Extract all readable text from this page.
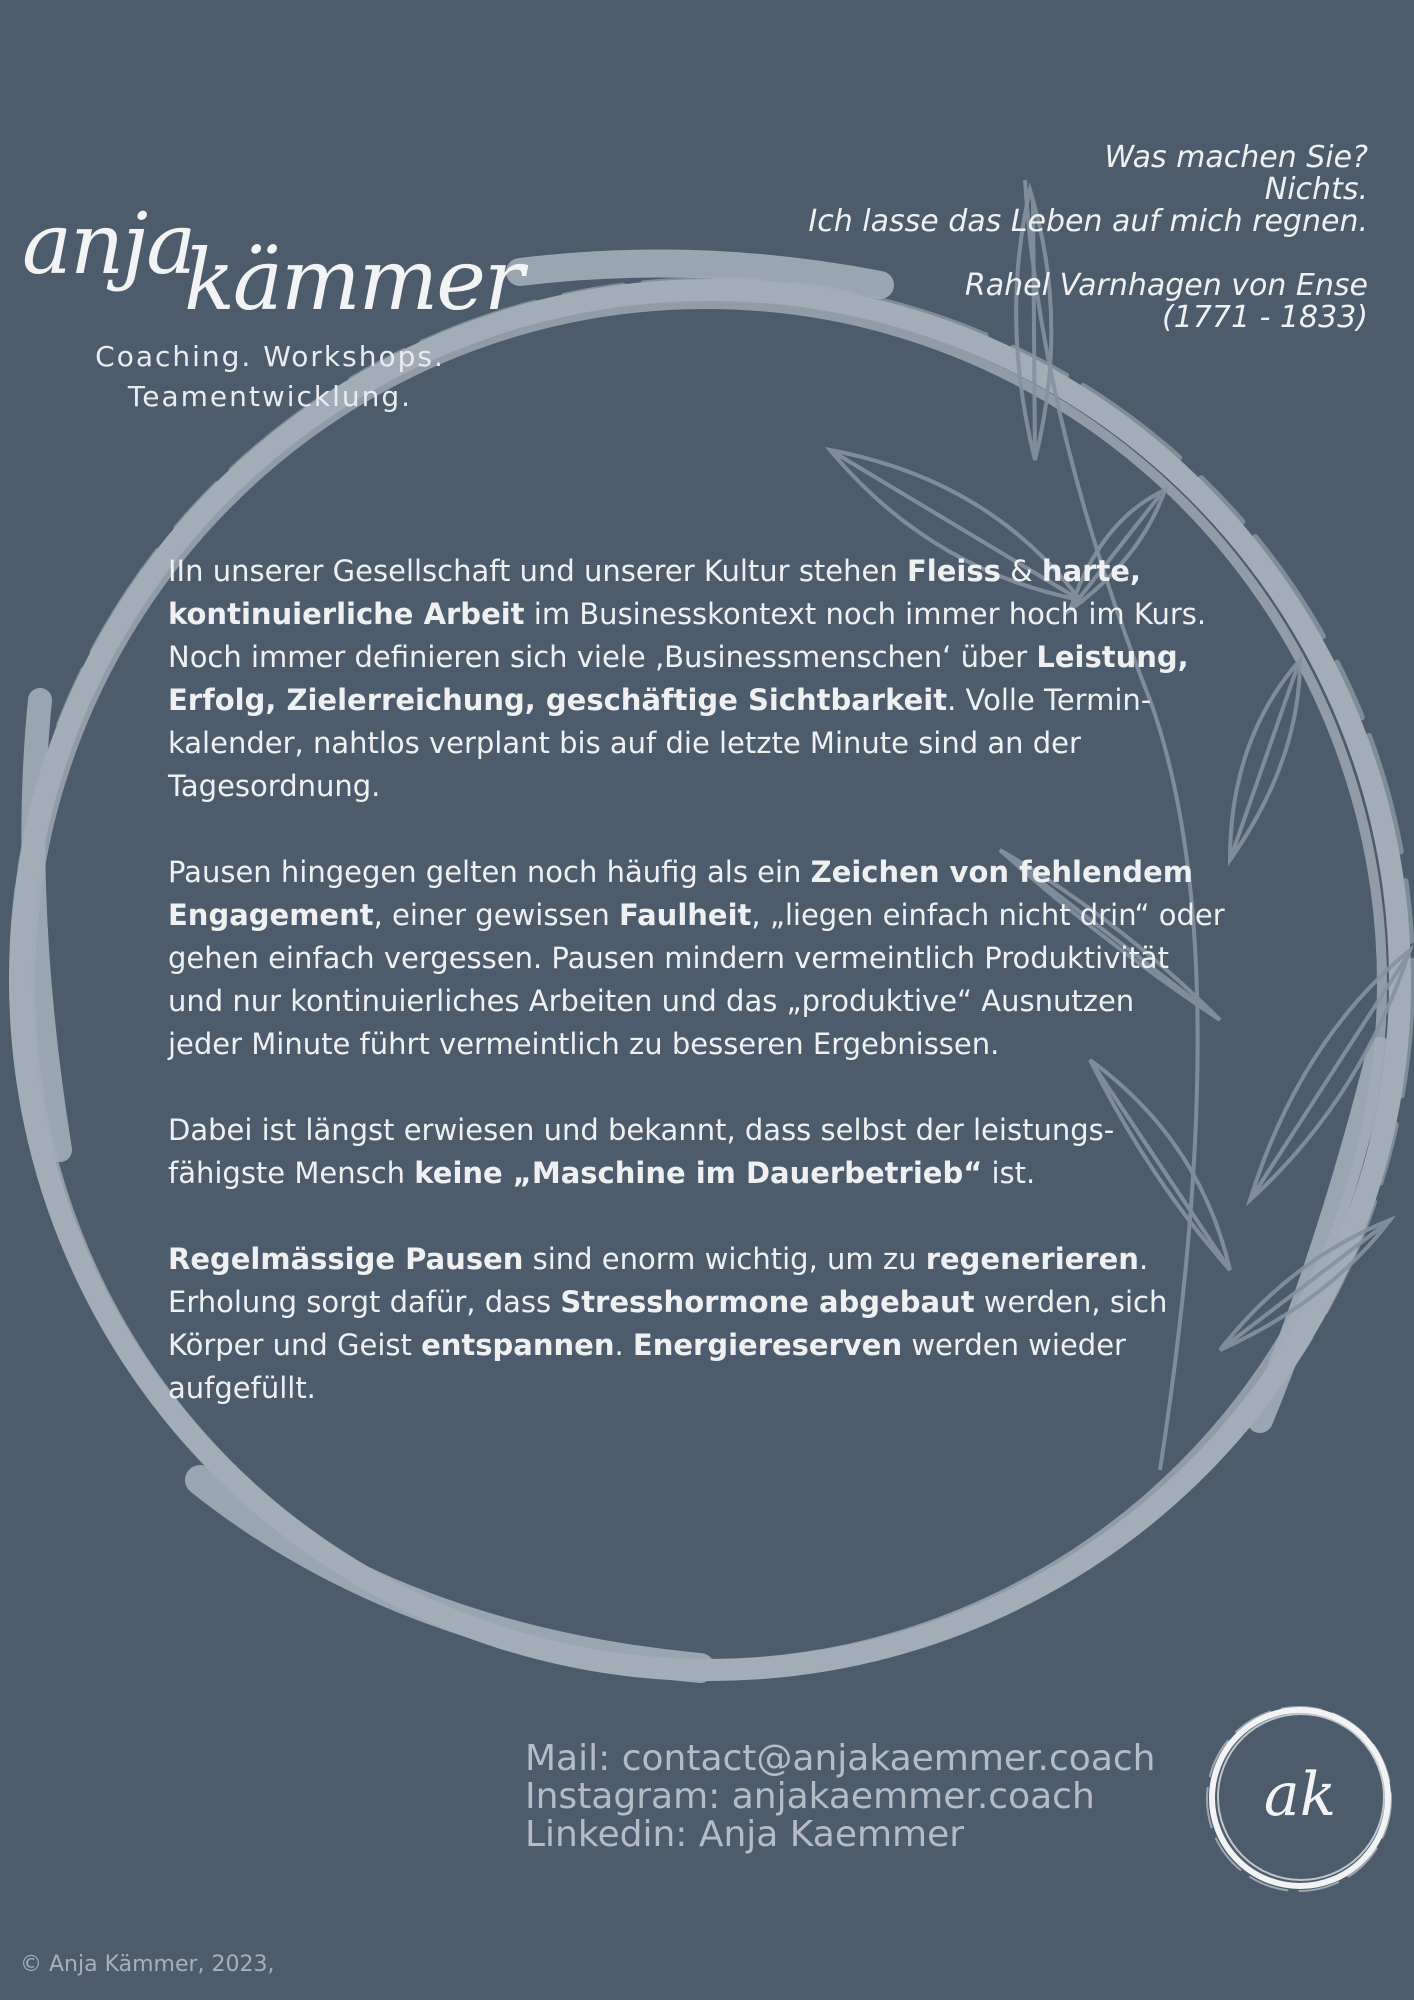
anja
kämmer
Coaching. Workshops.
Teamentwicklung.
Was machen Sie?
Nichts.
Ich lasse das Leben auf mich regnen.
Rahel Varnhagen von Ense
(1771 - 1833)

IIn unserer Gesellschaft und unserer Kultur stehen Fleiss & harte,
kontinuierliche Arbeit im Businesskontext noch immer hoch im Kurs.
Noch immer definieren sich viele ‚Businessmenschen‘ über Leistung,
Erfolg, Zielerreichung, geschäftige Sichtbarkeit. Volle Termin-
kalender, nahtlos verplant bis auf die letzte Minute sind an der
Tagesordnung.

Pausen hingegen gelten noch häufig als ein Zeichen von fehlendem
Engagement, einer gewissen Faulheit, „liegen einfach nicht drin“ oder
gehen einfach vergessen. Pausen mindern vermeintlich Produktivität
und nur kontinuierliches Arbeiten und das „produktive“ Ausnutzen
jeder Minute führt vermeintlich zu besseren Ergebnissen.

Dabei ist längst erwiesen und bekannt, dass selbst der leistungs-
fähigste Mensch keine „Maschine im Dauerbetrieb“ ist.

Regelmässige Pausen sind enorm wichtig, um zu regenerieren.
Erholung sorgt dafür, dass Stresshormone abgebaut werden, sich
Körper und Geist entspannen. Energiereserven werden wieder
aufgefüllt.

Mail: contact@anjakaemmer.coach
Instagram: anjakaemmer.coach
Linkedin: Anja Kaemmer
ak
© Anja Kämmer, 2023,
